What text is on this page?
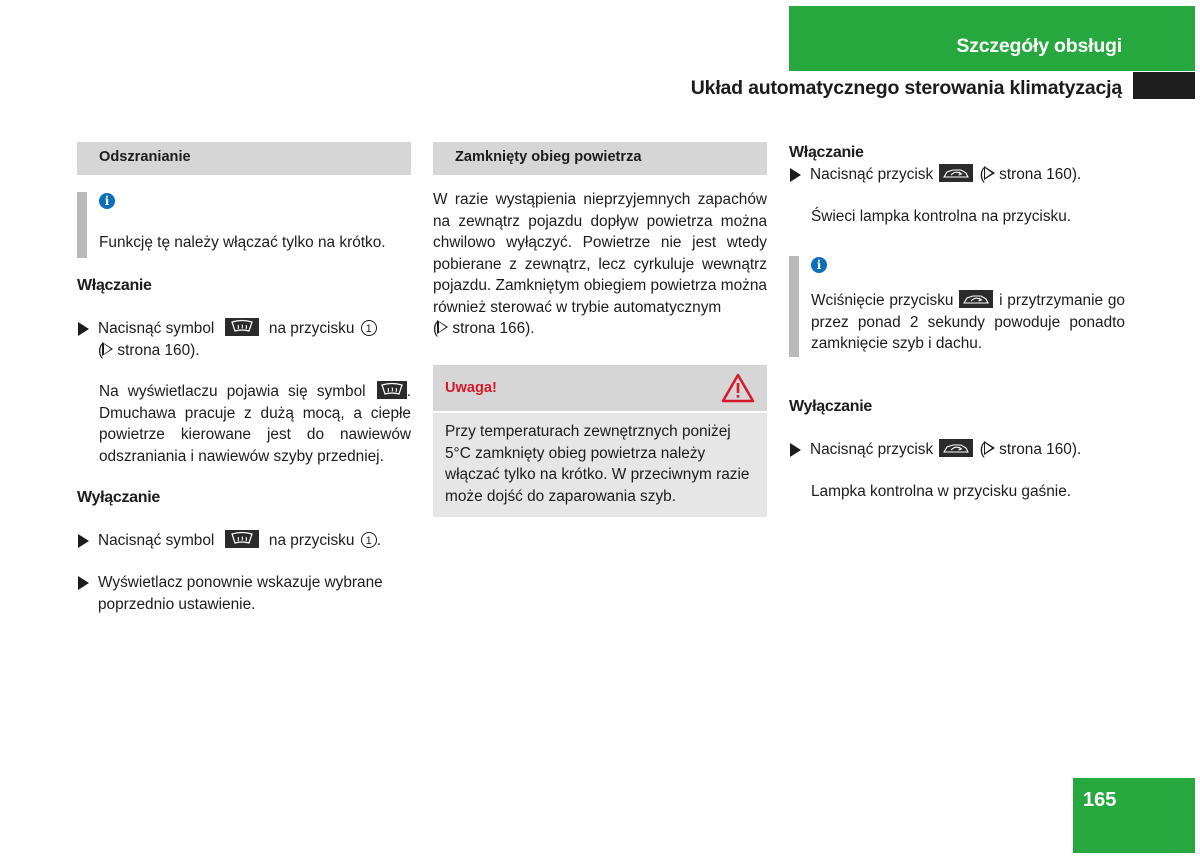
Szczegóły obsługi
Układ automatycznego sterowania klimatyzacją
Odszranianie
i
Funkcję tę należy włączać tylko na krótko.
Włączanie
Nacisnąć symbol	na przycisku 1
( strona 160).
Na wyświetlaczu pojawia się symbol	. Dmuchawa pracuje z dużą mocą, a ciepłe powietrze kierowane jest do nawiewów odszraniania i nawiewów szyby przedniej.
Wyłączanie
Nacisnąć symbol	na przycisku 1 .
Wyświetlacz ponownie wskazuje wybrane poprzednio ustawienie.
Zamknięty obieg powietrza
W razie wystąpienia nieprzyjemnych zapachów na zewnątrz pojazdu dopływ powietrza można chwilowo wyłączyć. Powietrze nie jest wtedy pobierane z zewnątrz, lecz cyrkuluje wewnątrz pojazdu. Zamkniętym obiegiem powietrza można również sterować w trybie automatycznym
( strona 166).
Uwaga!
Przy temperaturach zewnętrznych poniżej 5°C zamknięty obieg powietrza należy włączać tylko na krótko. W przeciwnym razie może dojść do zaparowania szyb.
Włączanie
Nacisnąć przycisk	( strona 160).
Świeci lampka kontrolna na przycisku.
i
Wciśnięcie przycisku	i przytrzymanie go przez ponad 2 sekundy powoduje ponadto zamknięcie szyb i dachu.
Wyłączanie
Nacisnąć przycisk	( strona 160).
Lampka kontrolna w przycisku gaśnie.
165
